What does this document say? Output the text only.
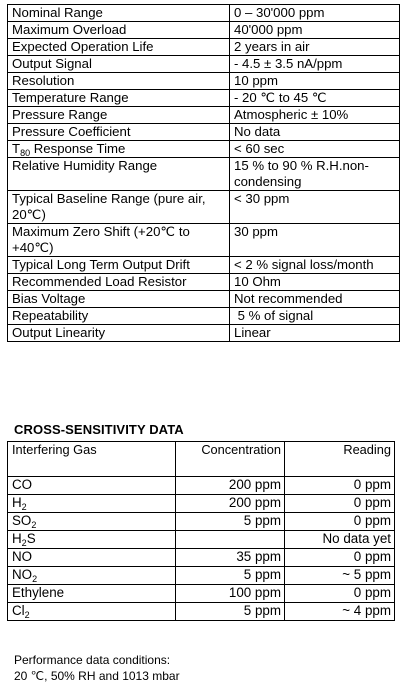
Nominal Range	0 – 30'000 ppm
Maximum Overload	40'000 ppm
Expected Operation Life	2 years in air
Output Signal	- 4.5 ± 3.5 nA/ppm
Resolution	10 ppm
Temperature Range	- 20 ℃ to 45 ℃
Pressure Range	Atmospheric ± 10%
Pressure Coefficient	No data
$T_{80}$ Response Time	< 60 sec
Relative Humidity Range	15 % to 90 % R.H.non-condensing
Typical Baseline Range (pure air, 20℃)	< 30 ppm
Maximum Zero Shift (+20℃ to +40℃)	30 ppm
Typical Long Term Output Drift	< 2 % signal loss/month
Recommended Load Resistor	10 Ohm
Bias Voltage	Not recommended
Repeatability	5 % of signal
Output Linearity	Linear
CROSS-SENSITIVITY DATA
Interfering Gas	Concentration	Reading
CO	200 ppm	0 ppm
$H_2$	200 ppm	0 ppm
$SO_2$	5 ppm	0 ppm
$H_2S$		No data yet
NO	35 ppm	0 ppm
$NO_2$	5 ppm	~ 5 ppm
Ethylene	100 ppm	0 ppm
$Cl_2$	5 ppm	~ 4 ppm
Performance data conditions:
20 ℃, 50% RH and 1013 mbar
